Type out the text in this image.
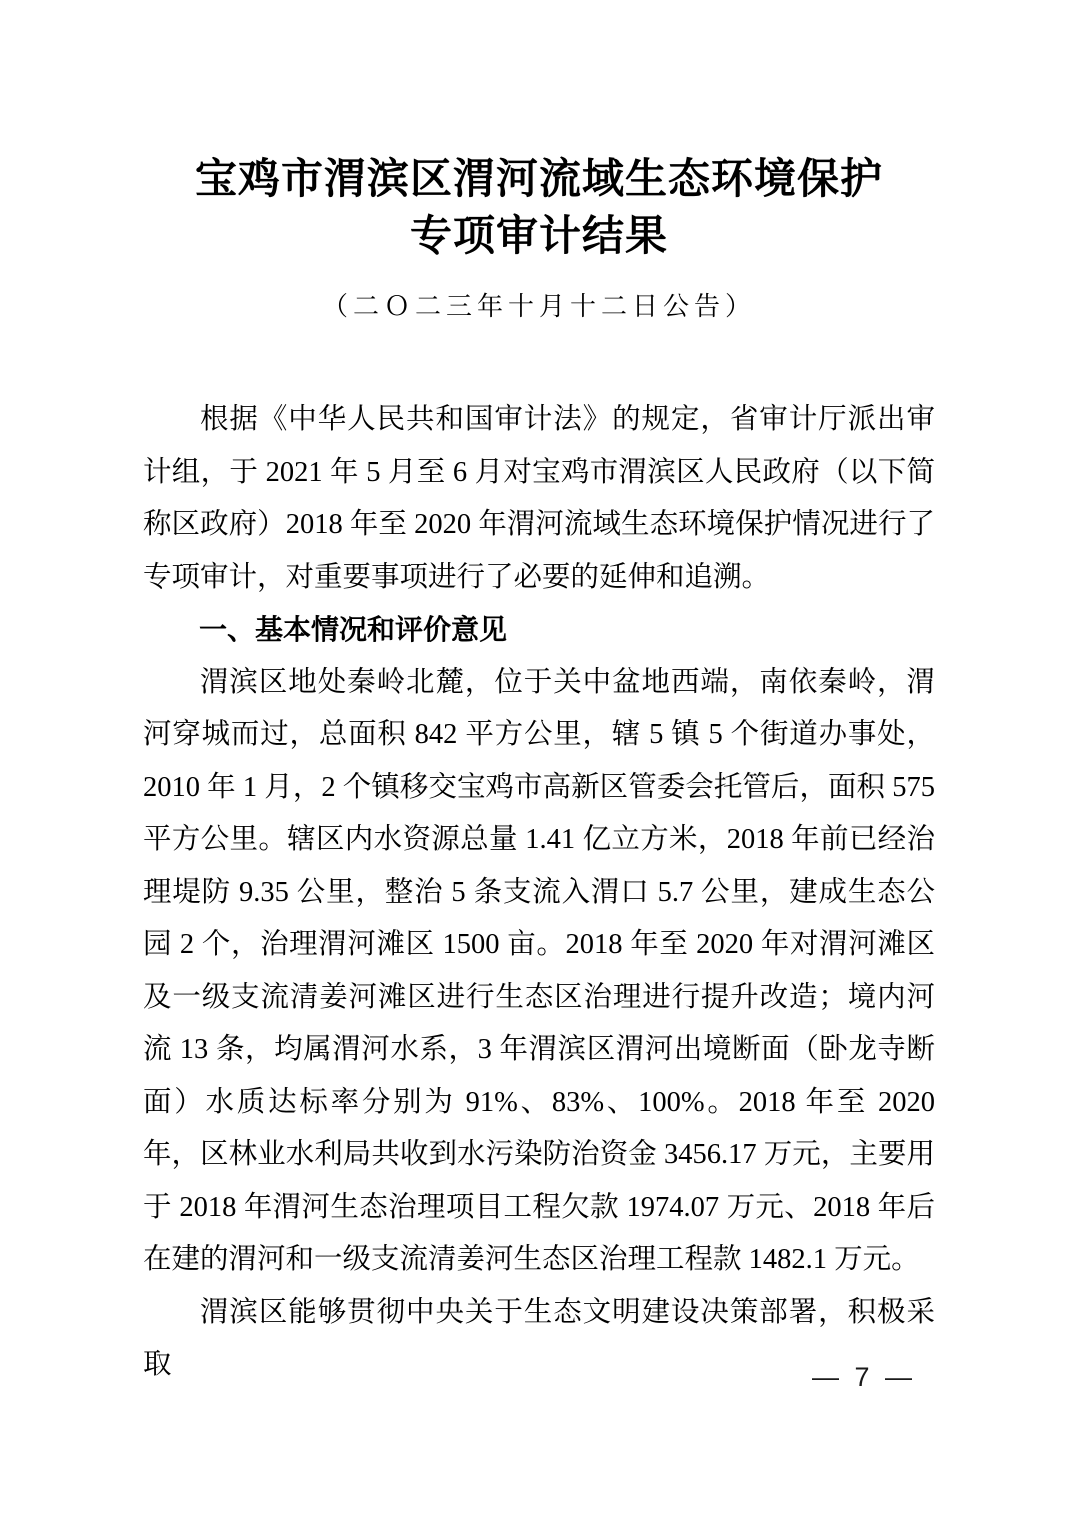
宝鸡市渭滨区渭河流域生态环境保护
专项审计结果
（二Ｏ二三年十月十二日公告）

根据《中华人民共和国审计法》的规定，省审计厅派出审计组，于 2021 年 5 月至 6 月对宝鸡市渭滨区人民政府（以下简称区政府）2018 年至 2020 年渭河流域生态环境保护情况进行了专项审计，对重要事项进行了必要的延伸和追溯。

一、基本情况和评价意见

渭滨区地处秦岭北麓，位于关中盆地西端，南依秦岭，渭河穿城而过，总面积 842 平方公里，辖 5 镇 5 个街道办事处，2010 年 1 月，2 个镇移交宝鸡市高新区管委会托管后，面积 575 平方公里。辖区内水资源总量 1.41 亿立方米，2018 年前已经治理堤防 9.35 公里，整治 5 条支流入渭口 5.7 公里，建成生态公园 2 个，治理渭河滩区 1500 亩。2018 年至 2020 年对渭河滩区及一级支流清姜河滩区进行生态区治理进行提升改造；境内河流 13 条，均属渭河水系，3 年渭滨区渭河出境断面（卧龙寺断面）水质达标率分别为 91%、83%、100%。2018 年至 2020 年，区林业水利局共收到水污染防治资金 3456.17 万元，主要用于 2018 年渭河生态治理项目工程欠款 1974.07 万元、2018 年后在建的渭河和一级支流清姜河生态区治理工程款 1482.1 万元。

渭滨区能够贯彻中央关于生态文明建设决策部署，积极采取	— 7 —
